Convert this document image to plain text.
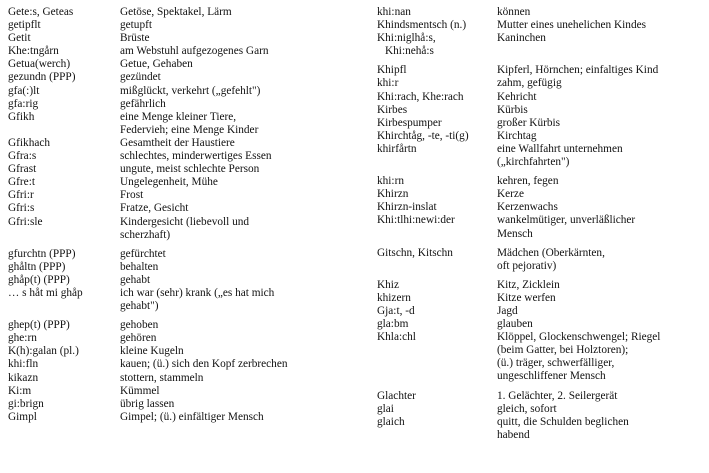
Gete:s, Geteas	Getöse, Spektakel, Lärm
getipflt	getupft
Getit	Brüste
Khe:tngårn	am Webstuhl aufgezogenes Garn
Getua(werch)	Getue, Gehaben
gezundn (PPP)	gezündet
gfa(:)lt	mißglückt, verkehrt („gefehlt")
gfa:rig	gefährlich
Gfikh	eine Menge kleiner Tiere,
Federvieh; eine Menge Kinder
Gfikhach	Gesamtheit der Haustiere
Gfra:s	schlechtes, minderwertiges Essen
Gfrast	ungute, meist schlechte Person
Gfre:t	Ungelegenheit, Mühe
Gfri:r	Frost
Gfri:s	Fratze, Gesicht
Gfri:sle	Kindergesicht (liebevoll und
scherzhaft)
gfurchtn (PPP)	gefürchtet
ghåltn (PPP)	behalten
ghåp(t) (PPP)	gehabt
… s håt mi ghåp	ich war (sehr) krank („es hat mich
gehabt")
ghep(t) (PPP)	gehoben
ghe:rn	gehören
K(h):galan (pl.)	kleine Kugeln
khi:fln	kauen; (ü.) sich den Kopf zerbrechen
kikazn	stottern, stammeln
Ki:m	Kümmel
gi:brign	übrig lassen
Gimpl	Gimpel; (ü.) einfältiger Mensch
khi:nan	können
Khindsmentsch (n.)	Mutter eines unehelichen Kindes
Khi:niglhå:s,	Kaninchen
Khi:nehå:s
Khipfl	Kipferl, Hörnchen; einfaltiges Kind
khi:r	zahm, gefügig
Khi:rach, Khe:rach	Kehricht
Kirbes	Kürbis
Kirbespumper	großer Kürbis
Khirchtåg, -te, -ti(g)	Kirchtag
khirfårtn	eine Wallfahrt unternehmen
(„kirchfahrten")
khi:rn	kehren, fegen
Khirzn	Kerze
Khirzn-inslat	Kerzenwachs
Khi:tlhi:newi:der	wankelmütiger, unverläßlicher
Mensch
Gitschn, Kitschn	Mädchen (Oberkärnten,
oft pejorativ)
Khiz	Kitz, Zicklein
khizern	Kitze werfen
Gja:t, -d	Jagd
gla:bm	glauben
Khla:chl	Klöppel, Glockenschwengel; Riegel
(beim Gatter, bei Holztoren);
(ü.) träger, schwerfälliger,
ungeschliffener Mensch
Glachter	1. Gelächter, 2. Seilergerät
glai	gleich, sofort
glaich	quitt, die Schulden beglichen
habend
